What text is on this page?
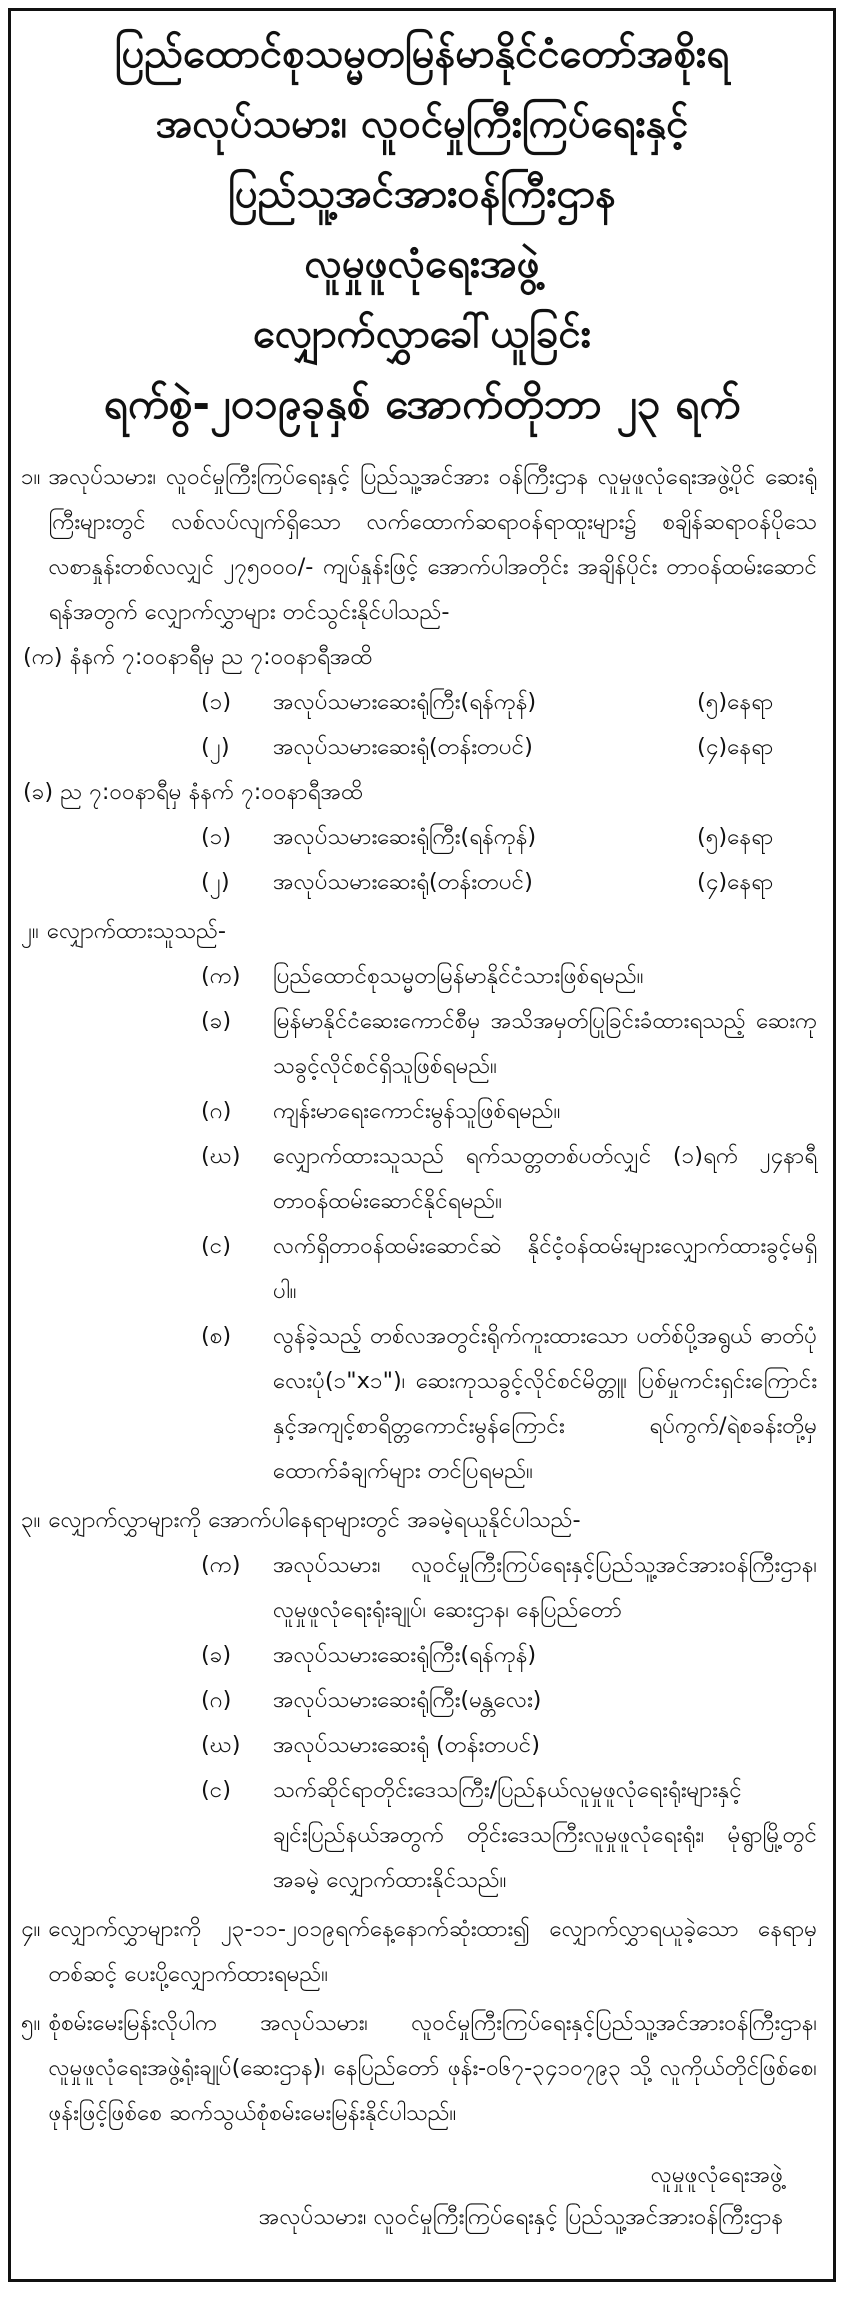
ပြည်ထောင်စုသမ္မတမြန်မာနိုင်ငံတော်အစိုးရ
အလုပ်သမား၊ လူဝင်မှုကြီးကြပ်ရေးနှင့်
ပြည်သူ့အင်အားဝန်ကြီးဌာန
လူမှုဖူလုံရေးအဖွဲ့
လျှောက်လွှာခေါ်ယူခြင်း
ရက်စွဲ-၂၀၁၉ခုနှစ် အောက်တိုဘာ ၂၃ ရက်
၁။ အလုပ်သမား၊ လူဝင်မှုကြီးကြပ်ရေးနှင့် ပြည်သူ့အင်အား ဝန်ကြီးဌာန လူမှုဖူလုံရေးအဖွဲ့ပိုင် ဆေးရုံကြီးများတွင် လစ်လပ်လျက်ရှိသော လက်ထောက်ဆရာဝန်ရာထူးများ၌ စချိန်ဆရာဝန်ပိုသေလစာနှုန်းတစ်လလျှင် ၂၇၅၀၀၀/- ကျပ်နှုန်းဖြင့် အောက်ပါအတိုင်း အချိန်ပိုင်း တာဝန်ထမ်းဆောင်ရန်အတွက် လျှောက်လွှာများ တင်သွင်းနိုင်ပါသည်-
(က) နံနက် ၇:၀၀နာရီမှ ည ၇:၀၀နာရီအထိ
(၁)	အလုပ်သမားဆေးရုံကြီး(ရန်ကုန်)	(၅)နေရာ
(၂)	အလုပ်သမားဆေးရုံ(တန်းတပင်)	(၄)နေရာ
(ခ) ည ၇:၀၀နာရီမှ နံနက် ၇:၀၀နာရီအထိ
(၁)	အလုပ်သမားဆေးရုံကြီး(ရန်ကုန်)	(၅)နေရာ
(၂)	အလုပ်သမားဆေးရုံ(တန်းတပင်)	(၄)နေရာ
၂။ လျှောက်ထားသူသည်-
(က)	ပြည်ထောင်စုသမ္မတမြန်မာနိုင်ငံသားဖြစ်ရမည်။
(ခ)	မြန်မာနိုင်ငံဆေးကောင်စီမှ အသိအမှတ်ပြုခြင်းခံထားရသည့် ဆေးကုသခွင့်လိုင်စင်ရှိသူဖြစ်ရမည်။
(ဂ)	ကျန်းမာရေးကောင်းမွန်သူဖြစ်ရမည်။
(ဃ)	လျှောက်ထားသူသည် ရက်သတ္တတစ်ပတ်လျှင် (၁)ရက် ၂၄နာရီ တာဝန်ထမ်းဆောင်နိုင်ရမည်။
(င)	လက်ရှိတာဝန်ထမ်းဆောင်ဆဲ နိုင်ငံ့ဝန်ထမ်းများလျှောက်ထားခွင့်မရှိပါ။
(စ)	လွန်ခဲ့သည့် တစ်လအတွင်းရိုက်ကူးထားသော ပတ်စ်ပို့အရွယ် ဓာတ်ပုံလေးပုံ(၁"x၁")၊ ဆေးကုသခွင့်လိုင်စင်မိတ္တူ၊ ပြစ်မှုကင်းရှင်းကြောင်းနှင့်အကျင့်စာရိတ္တကောင်းမွန်ကြောင်း ရပ်ကွက်/ရဲစခန်းတို့မှ ထောက်ခံချက်များ တင်ပြရမည်။
၃။ လျှောက်လွှာများကို အောက်ပါနေရာများတွင် အခမဲ့ရယူနိုင်ပါသည်-
(က)	အလုပ်သမား၊ လူဝင်မှုကြီးကြပ်ရေးနှင့်ပြည်သူ့အင်အားဝန်ကြီးဌာန၊ လူမှုဖူလုံရေးရုံးချုပ်၊ ဆေးဌာန၊ နေပြည်တော်
(ခ)	အလုပ်သမားဆေးရုံကြီး(ရန်ကုန်)
(ဂ)	အလုပ်သမားဆေးရုံကြီး(မန္တလေး)
(ဃ)	အလုပ်သမားဆေးရုံ (တန်းတပင်)
(င)	သက်ဆိုင်ရာတိုင်းဒေသကြီး/ပြည်နယ်လူမှုဖူလုံရေးရုံးများနှင့် ချင်းပြည်နယ်အတွက် တိုင်းဒေသကြီးလူမှုဖူလုံရေးရုံး၊ မုံရွာမြို့တွင် အခမဲ့ လျှောက်ထားနိုင်သည်။
၄။ လျှောက်လွှာများကို ၂၃-၁၁-၂၀၁၉ရက်နေ့နောက်ဆုံးထား၍ လျှောက်လွှာရယူခဲ့သော နေရာမှတစ်ဆင့် ပေးပို့လျှောက်ထားရမည်။
၅။ စုံစမ်းမေးမြန်းလိုပါက အလုပ်သမား၊ လူဝင်မှုကြီးကြပ်ရေးနှင့်ပြည်သူ့အင်အားဝန်ကြီးဌာန၊ လူမှုဖူလုံရေးအဖွဲ့ရုံးချုပ်(ဆေးဌာန)၊ နေပြည်တော် ဖုန်း-၀၆၇-၃၄၁၀၇၉၃ သို့ လူကိုယ်တိုင်ဖြစ်စေ၊ ဖုန်းဖြင့်ဖြစ်စေ ဆက်သွယ်စုံစမ်းမေးမြန်းနိုင်ပါသည်။
လူမှုဖူလုံရေးအဖွဲ့
အလုပ်သမား၊ လူဝင်မှုကြီးကြပ်ရေးနှင့် ပြည်သူ့အင်အားဝန်ကြီးဌာန
